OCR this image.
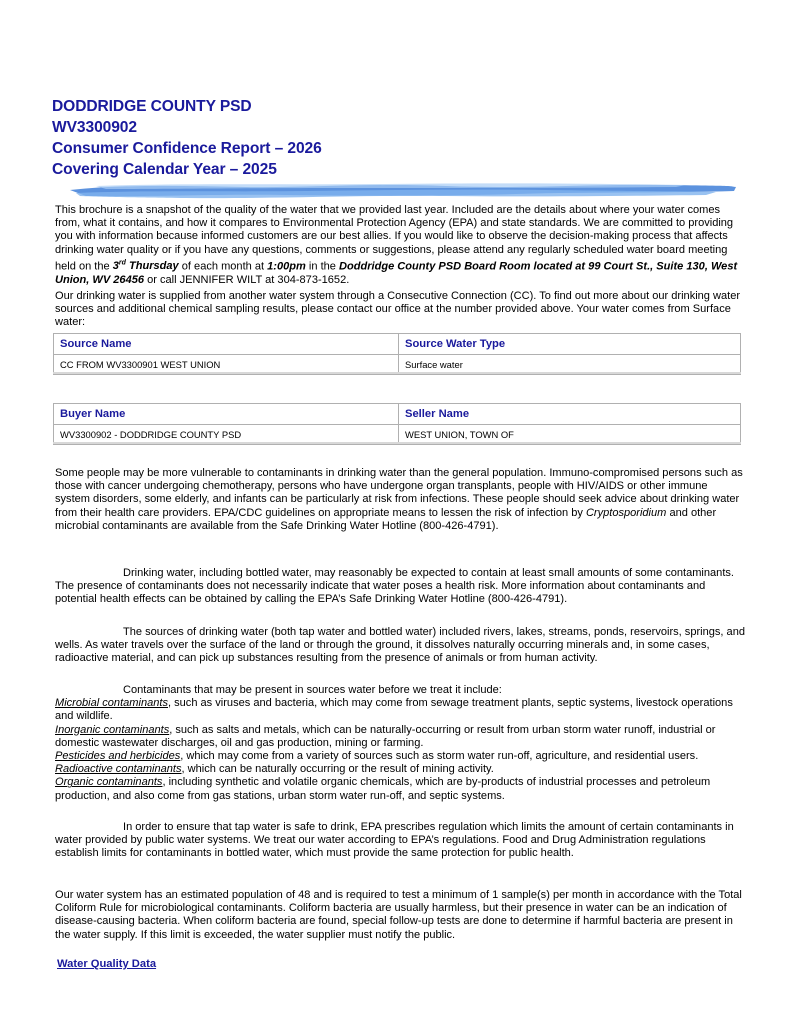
DODDRIDGE COUNTY PSD
WV3300902
Consumer Confidence Report – 2026
Covering Calendar Year – 2025
This brochure is a snapshot of the quality of the water that we provided last year. Included are the details about where your water comes from, what it contains, and how it compares to Environmental Protection Agency (EPA) and state standards. We are committed to providing you with information because informed customers are our best allies. If you would like to observe the decision-making process that affects drinking water quality or if you have any questions, comments or suggestions, please attend any regularly scheduled water board meeting held on the 3rd Thursday of each month at 1:00pm in the Doddridge County PSD Board Room located at 99 Court St., Suite 130, West Union, WV 26456 or call JENNIFER WILT at 304-873-1652.
Our drinking water is supplied from another water system through a Consecutive Connection (CC). To find out more about our drinking water sources and additional chemical sampling results, please contact our office at the number provided above. Your water comes from Surface water:
Source Name	Source Water Type
CC FROM WV3300901 WEST UNION	Surface water
Buyer Name	Seller Name
WV3300902 - DODDRIDGE COUNTY PSD	WEST UNION, TOWN OF
Some people may be more vulnerable to contaminants in drinking water than the general population. Immuno-compromised persons such as those with cancer undergoing chemotherapy, persons who have undergone organ transplants, people with HIV/AIDS or other immune system disorders, some elderly, and infants can be particularly at risk from infections. These people should seek advice about drinking water from their health care providers. EPA/CDC guidelines on appropriate means to lessen the risk of infection by Cryptosporidium and other microbial contaminants are available from the Safe Drinking Water Hotline (800-426-4791).
Drinking water, including bottled water, may reasonably be expected to contain at least small amounts of some contaminants. The presence of contaminants does not necessarily indicate that water poses a health risk. More information about contaminants and potential health effects can be obtained by calling the EPA’s Safe Drinking Water Hotline (800-426-4791).
The sources of drinking water (both tap water and bottled water) included rivers, lakes, streams, ponds, reservoirs, springs, and wells. As water travels over the surface of the land or through the ground, it dissolves naturally occurring minerals and, in some cases, radioactive material, and can pick up substances resulting from the presence of animals or from human activity.
Contaminants that may be present in sources water before we treat it include:
Microbial contaminants, such as viruses and bacteria, which may come from sewage treatment plants, septic systems, livestock operations and wildlife.
Inorganic contaminants, such as salts and metals, which can be naturally-occurring or result from urban storm water runoff, industrial or domestic wastewater discharges, oil and gas production, mining or farming.
Pesticides and herbicides, which may come from a variety of sources such as storm water run-off, agriculture, and residential users.
Radioactive contaminants, which can be naturally occurring or the result of mining activity.
Organic contaminants, including synthetic and volatile organic chemicals, which are by-products of industrial processes and petroleum production, and also come from gas stations, urban storm water run-off, and septic systems.
In order to ensure that tap water is safe to drink, EPA prescribes regulation which limits the amount of certain contaminants in water provided by public water systems. We treat our water according to EPA’s regulations. Food and Drug Administration regulations establish limits for contaminants in bottled water, which must provide the same protection for public health.
Our water system has an estimated population of 48 and is required to test a minimum of 1 sample(s) per month in accordance with the Total Coliform Rule for microbiological contaminants. Coliform bacteria are usually harmless, but their presence in water can be an indication of disease-causing bacteria. When coliform bacteria are found, special follow-up tests are done to determine if harmful bacteria are present in the water supply. If this limit is exceeded, the water supplier must notify the public.
Water Quality Data
